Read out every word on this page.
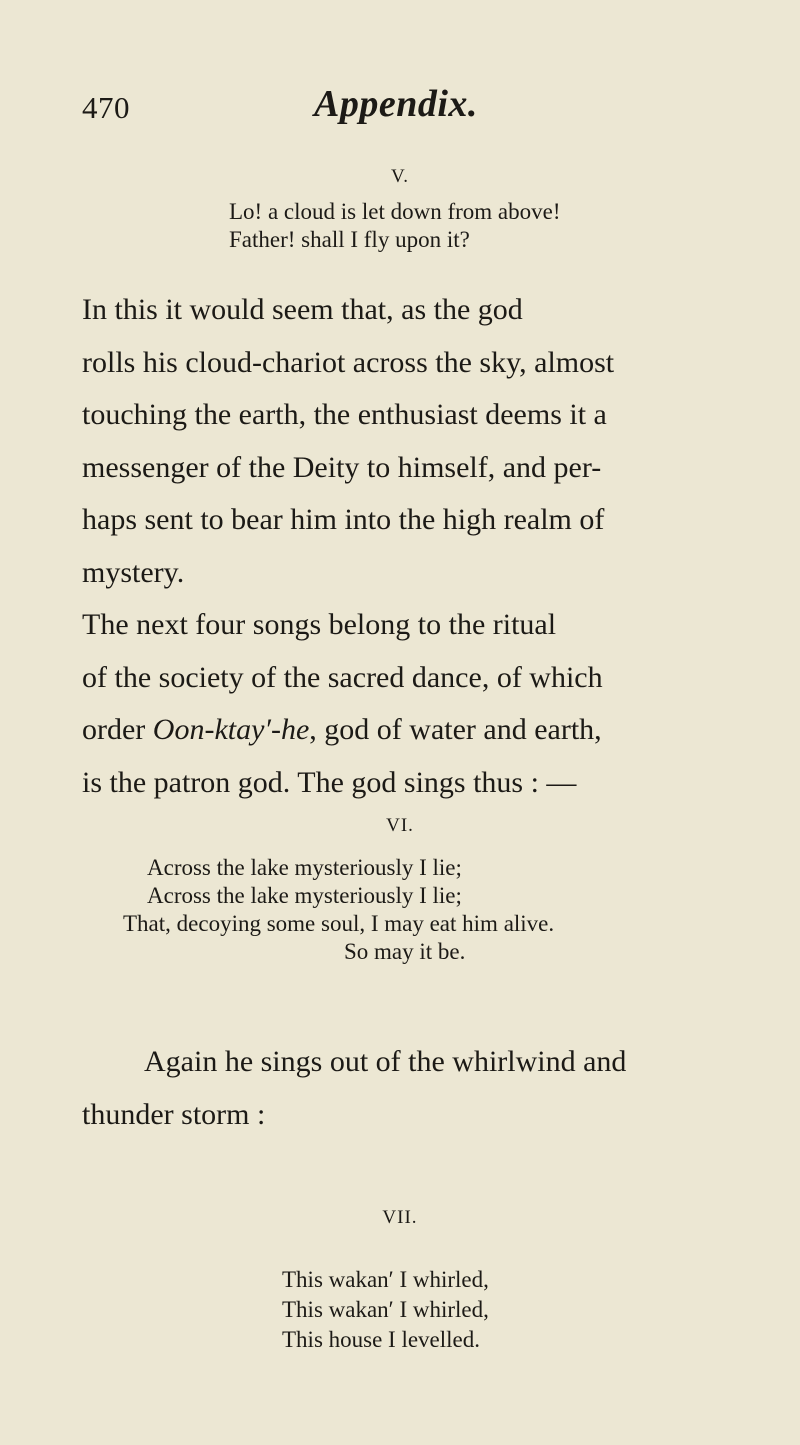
470	Appendix.
V.
Lo! a cloud is let down from above!
Father! shall I fly upon it?
In this it would seem that, as the god
rolls his cloud-chariot across the sky, almost
touching the earth, the enthusiast deems it a
messenger of the Deity to himself, and per-
haps sent to bear him into the high realm of
mystery.
The next four songs belong to the ritual
of the society of the sacred dance, of which
order Oon-ktay′-he, god of water and earth,
is the patron god. The god sings thus : —
VI.
Across the lake mysteriously I lie;
Across the lake mysteriously I lie;
That, decoying some soul, I may eat him alive.
So may it be.
Again he sings out of the whirlwind and
thunder storm :
VII.
This wakan′ I whirled,
This wakan′ I whirled,
This house I levelled.
